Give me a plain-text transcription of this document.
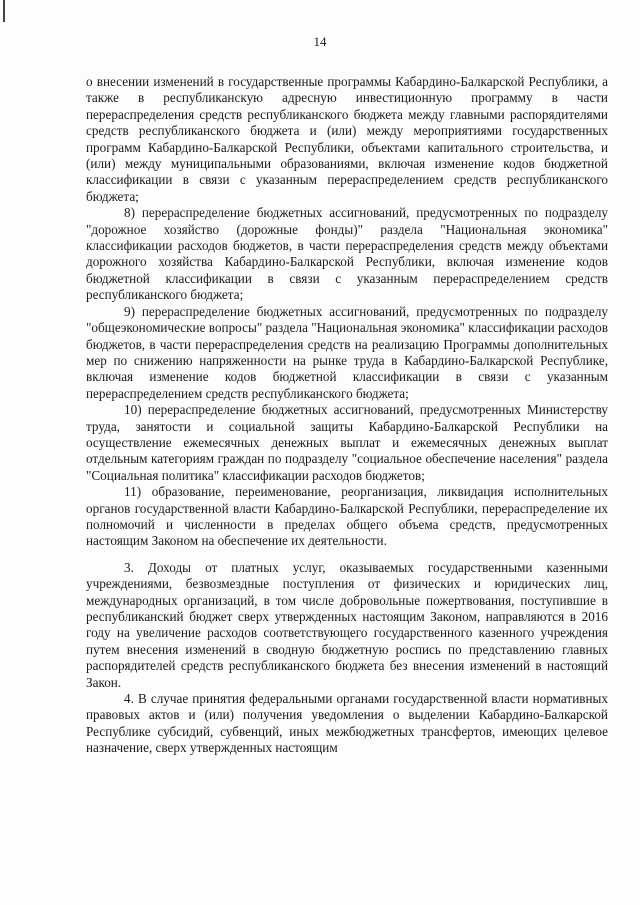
14

о внесении изменений в государственные программы Кабардино-Балкарской Республики, а также в республиканскую адресную инвестиционную программу в части перераспределения средств республиканского бюджета между главными распорядителями средств республиканского бюджета и (или) между мероприятиями государственных программ Кабардино-Балкарской Республики, объектами капитального строительства, и (или) между муниципальными образованиями, включая изменение кодов бюджетной классификации в связи с указанным перераспределением средств республиканского бюджета;

8) перераспределение бюджетных ассигнований, предусмотренных по подразделу "дорожное хозяйство (дорожные фонды)" раздела "Национальная экономика" классификации расходов бюджетов, в части перераспределения средств между объектами дорожного хозяйства Кабардино-Балкарской Республики, включая изменение кодов бюджетной классификации в связи с указанным перераспределением средств республиканского бюджета;

9) перераспределение бюджетных ассигнований, предусмотренных по подразделу "общеэкономические вопросы" раздела "Национальная экономика" классификации расходов бюджетов, в части перераспределения средств на реализацию Программы дополнительных мер по снижению напряженности на рынке труда в Кабардино-Балкарской Республике, включая изменение кодов бюджетной классификации в связи с указанным перераспределением средств республиканского бюджета;

10) перераспределение бюджетных ассигнований, предусмотренных Министерству труда, занятости и социальной защиты Кабардино-Балкарской Республики на осуществление ежемесячных денежных выплат и ежемесячных денежных выплат отдельным категориям граждан по подразделу "социальное обеспечение населения" раздела "Социальная политика" классификации расходов бюджетов;

11) образование, переименование, реорганизация, ликвидация исполнительных органов государственной власти Кабардино-Балкарской Республики, перераспределение их полномочий и численности в пределах общего объема средств, предусмотренных настоящим Законом на обеспечение их деятельности.

3. Доходы от платных услуг, оказываемых государственными казенными учреждениями, безвозмездные поступления от физических и юридических лиц, международных организаций, в том числе добровольные пожертвования, поступившие в республиканский бюджет сверх утвержденных настоящим Законом, направляются в 2016 году на увеличение расходов соответствующего государственного казенного учреждения путем внесения изменений в сводную бюджетную роспись по представлению главных распорядителей средств республиканского бюджета без внесения изменений в настоящий Закон.

4. В случае принятия федеральными органами государственной власти нормативных правовых актов и (или) получения уведомления о выделении Кабардино-Балкарской Республике субсидий, субвенций, иных межбюджетных трансфертов, имеющих целевое назначение, сверх утвержденных настоящим
